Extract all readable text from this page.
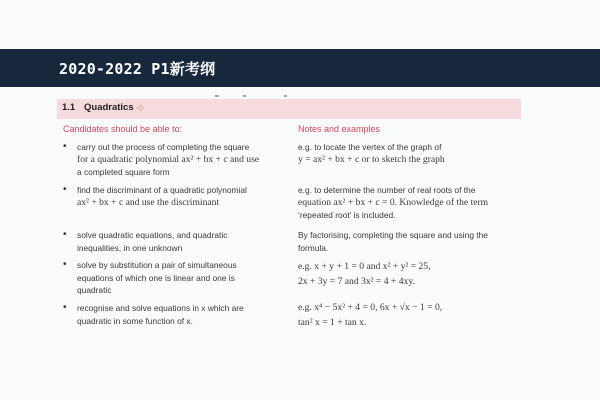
2020-2022 P1新考纲
1.1 Quadratics ·◇
Candidates should be able to:	Notes and examples
• carry out the process of completing the square
for a quadratic polynomial ax² + bx + c and use
a completed square form
e.g. to locate the vertex of the graph of
y = ax² + bx + c or to sketch the graph
• find the discriminant of a quadratic polynomial
ax² + bx + c and use the discriminant
e.g. to determine the number of real roots of the
equation ax² + bx + c = 0. Knowledge of the term
‘repeated root’ is included.
• solve quadratic equations, and quadratic
inequalities, in one unknown
By factorising, completing the square and using the
formula.
• solve by substitution a pair of simultaneous
equations of which one is linear and one is
quadratic
e.g. x + y + 1 = 0 and x² + y² = 25,
2x + 3y = 7 and 3x² = 4 + 4xy.
• recognise and solve equations in x which are
quadratic in some function of x.
e.g. x⁴ − 5x² + 4 = 0, 6x + √x − 1 = 0,
tan² x = 1 + tan x.
